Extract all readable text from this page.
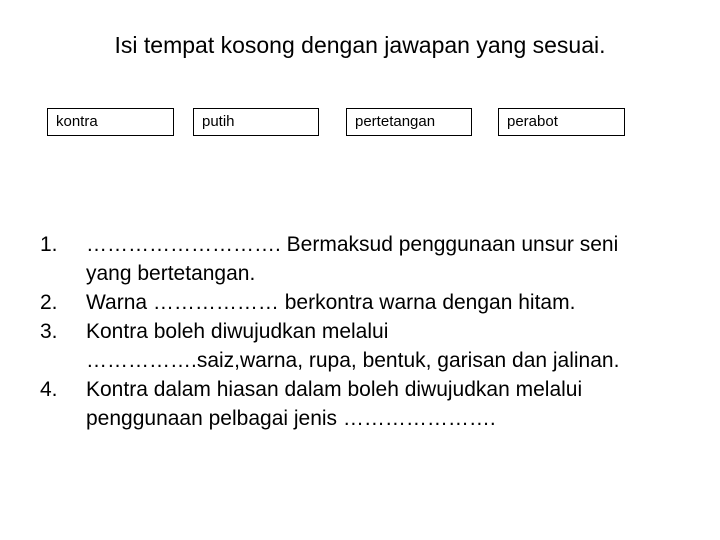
Isi tempat kosong dengan jawapan yang sesuai.
kontra	putih	pertetangan	perabot
1.	………………………. Bermaksud penggunaan unsur seni
yang bertetangan.
2.	Warna ……………… berkontra warna dengan hitam.
3.	Kontra boleh diwujudkan melalui
…………….saiz,warna, rupa, bentuk, garisan dan jalinan.
4.	Kontra dalam hiasan dalam boleh diwujudkan melalui
penggunaan pelbagai jenis ………………….
